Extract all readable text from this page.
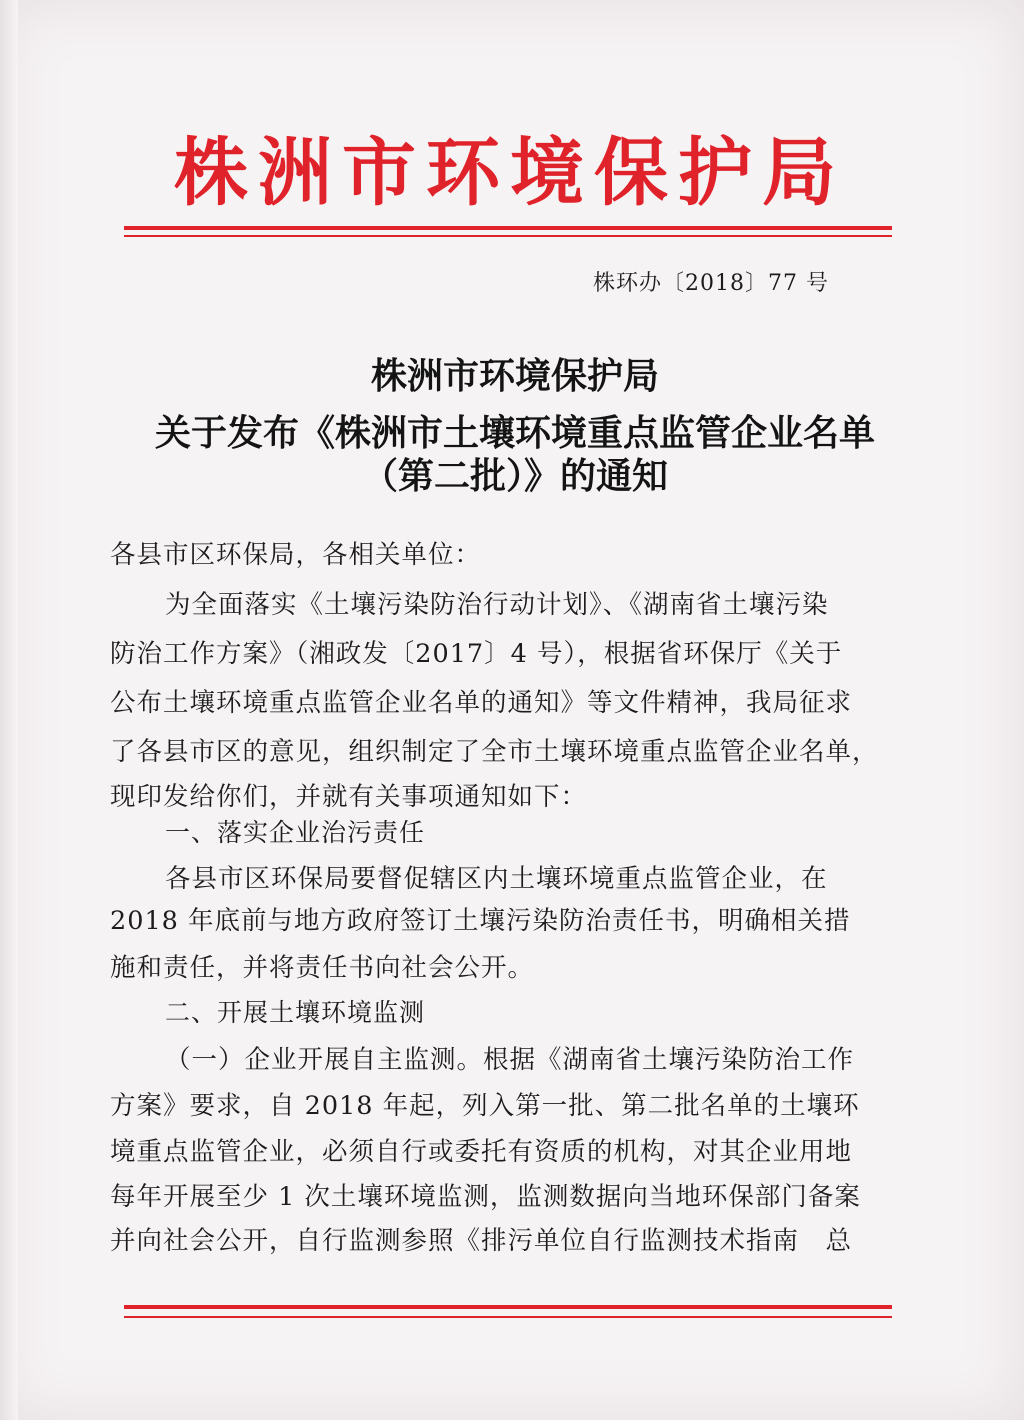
株洲市环境保护局
株环办〔2018〕77 号
株洲市环境保护局
关于发布《株洲市土壤环境重点监管企业名单
（第二批）》的通知
各县市区环保局，各相关单位：
为全面落实《土壤污染防治行动计划》、《湖南省土壤污染
防治工作方案》（湘政发〔2017〕4 号），根据省环保厅《关于
公布土壤环境重点监管企业名单的通知》等文件精神，我局征求
了各县市区的意见，组织制定了全市土壤环境重点监管企业名单，
现印发给你们，并就有关事项通知如下：
一、落实企业治污责任
各县市区环保局要督促辖区内土壤环境重点监管企业，在
2018 年底前与地方政府签订土壤污染防治责任书，明确相关措
施和责任，并将责任书向社会公开。
二、开展土壤环境监测
（一）企业开展自主监测。根据《湖南省土壤污染防治工作
方案》要求，自 2018 年起，列入第一批、第二批名单的土壤环
境重点监管企业，必须自行或委托有资质的机构，对其企业用地
每年开展至少 1 次土壤环境监测，监测数据向当地环保部门备案
并向社会公开，自行监测参照《排污单位自行监测技术指南　总
